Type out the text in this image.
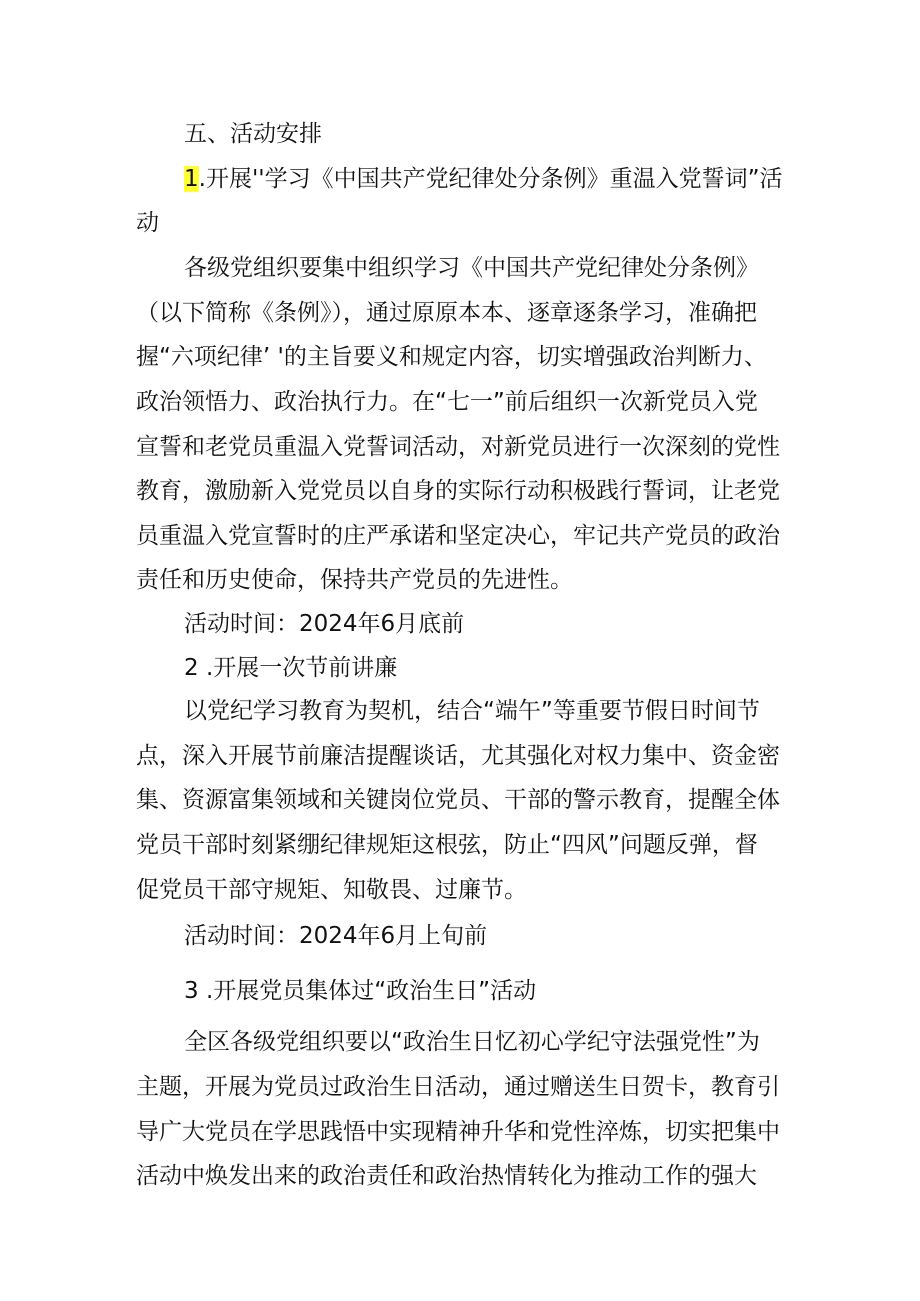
五、活动安排
1.开展''学习《中国共产党纪律处分条例》重温入党誓词”活
动
各级党组织要集中组织学习《中国共产党纪律处分条例》
（以下简称《条例》），通过原原本本、逐章逐条学习，准确把
握“六项纪律’ '的主旨要义和规定内容，切实增强政治判断力、
政治领悟力、政治执行力。在“七一”前后组织一次新党员入党
宣誓和老党员重温入党誓词活动，对新党员进行一次深刻的党性
教育，激励新入党党员以自身的实际行动积极践行誓词，让老党
员重温入党宣誓时的庄严承诺和坚定决心，牢记共产党员的政治
责任和历史使命，保持共产党员的先进性。
活动时间：2024年6月底前
2 .开展一次节前讲廉
以党纪学习教育为契机，结合“端午”等重要节假日时间节
点，深入开展节前廉洁提醒谈话，尤其强化对权力集中、资金密
集、资源富集领域和关键岗位党员、干部的警示教育，提醒全体
党员干部时刻紧绷纪律规矩这根弦，防止“四风”问题反弹，督
促党员干部守规矩、知敬畏、过廉节。
活动时间：2024年6月上旬前
3 .开展党员集体过“政治生日”活动
全区各级党组织要以“政治生日忆初心学纪守法强党性”为
主题，开展为党员过政治生日活动，通过赠送生日贺卡，教育引
导广大党员在学思践悟中实现精神升华和党性淬炼，切实把集中
活动中焕发出来的政治责任和政治热情转化为推动工作的强大
